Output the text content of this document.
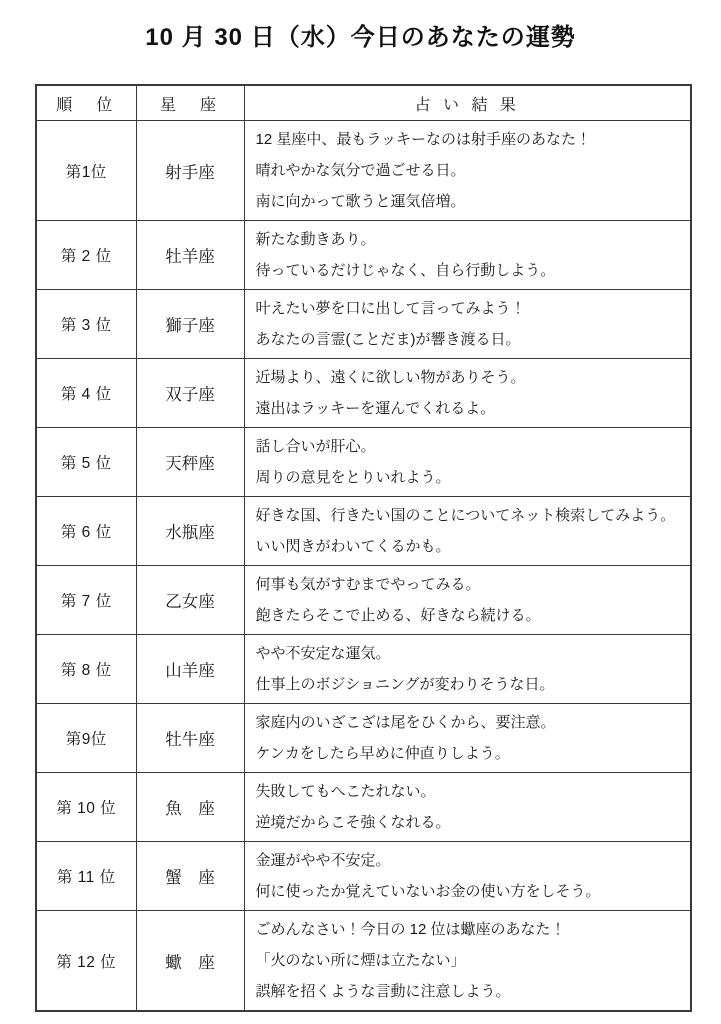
10 月 30 日（水）今日のあなたの運勢
順　位	星　座	占 い 結 果
第1位	射手座	12 星座中、最もラッキーなのは射手座のあなた！
晴れやかな気分で過ごせる日。
南に向かって歌うと運気倍増。

第 2 位	牡羊座	新たな動きあり。
待っているだけじゃなく、自ら行動しよう。

第 3 位	獅子座	叶えたい夢を口に出して言ってみよう！
あなたの言霊(ことだま)が響き渡る日。

第 4 位	双子座	近場より、遠くに欲しい物がありそう。
遠出はラッキーを運んでくれるよ。

第 5 位	天秤座	話し合いが肝心。
周りの意見をとりいれよう。

第 6 位	水瓶座	好きな国、行きたい国のことについてネット検索してみよう。
いい閃きがわいてくるかも。

第 7 位	乙女座	何事も気がすむまでやってみる。
飽きたらそこで止める、好きなら続ける。

第 8 位	山羊座	やや不安定な運気。
仕事上のボジショニングが変わりそうな日。

第9位	牡牛座	家庭内のいざこざは尾をひくから、要注意。
ケンカをしたら早めに仲直りしよう。

第 10 位	魚　座	失敗してもへこたれない。
逆境だからこそ強くなれる。

第 11 位	蟹　座	金運がやや不安定。
何に使ったか覚えていないお金の使い方をしそう。

第 12 位	蠍　座	ごめんなさい！今日の 12 位は蠍座のあなた！
「火のない所に煙は立たない」
誤解を招くような言動に注意しよう。
